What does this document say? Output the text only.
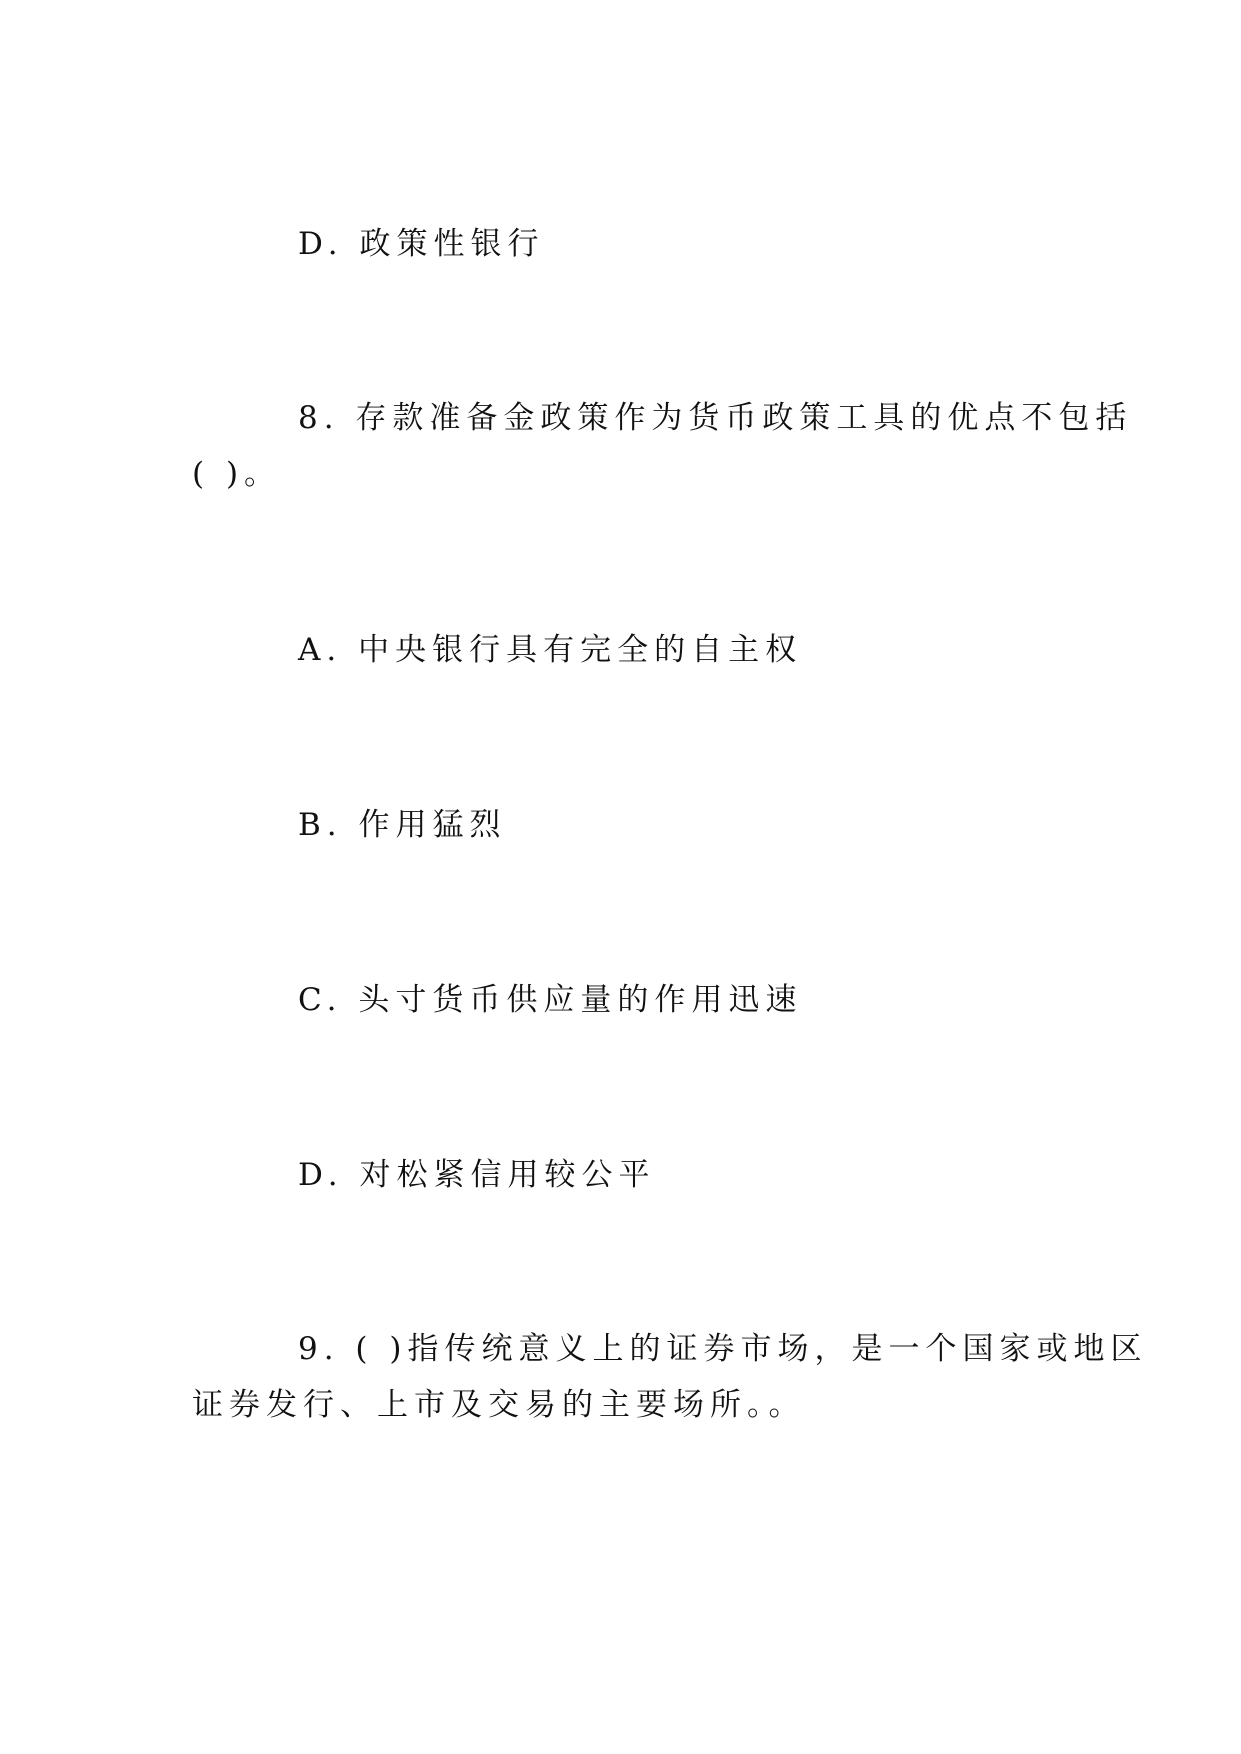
D. 政策性银行
8. 存款准备金政策作为货币政策工具的优点不包括
( )。
A. 中央银行具有完全的自主权
B. 作用猛烈
C. 头寸货币供应量的作用迅速
D. 对松紧信用较公平
9. ( )指传统意义上的证券市场，是一个国家或地区
证券发行、上市及交易的主要场所。。
